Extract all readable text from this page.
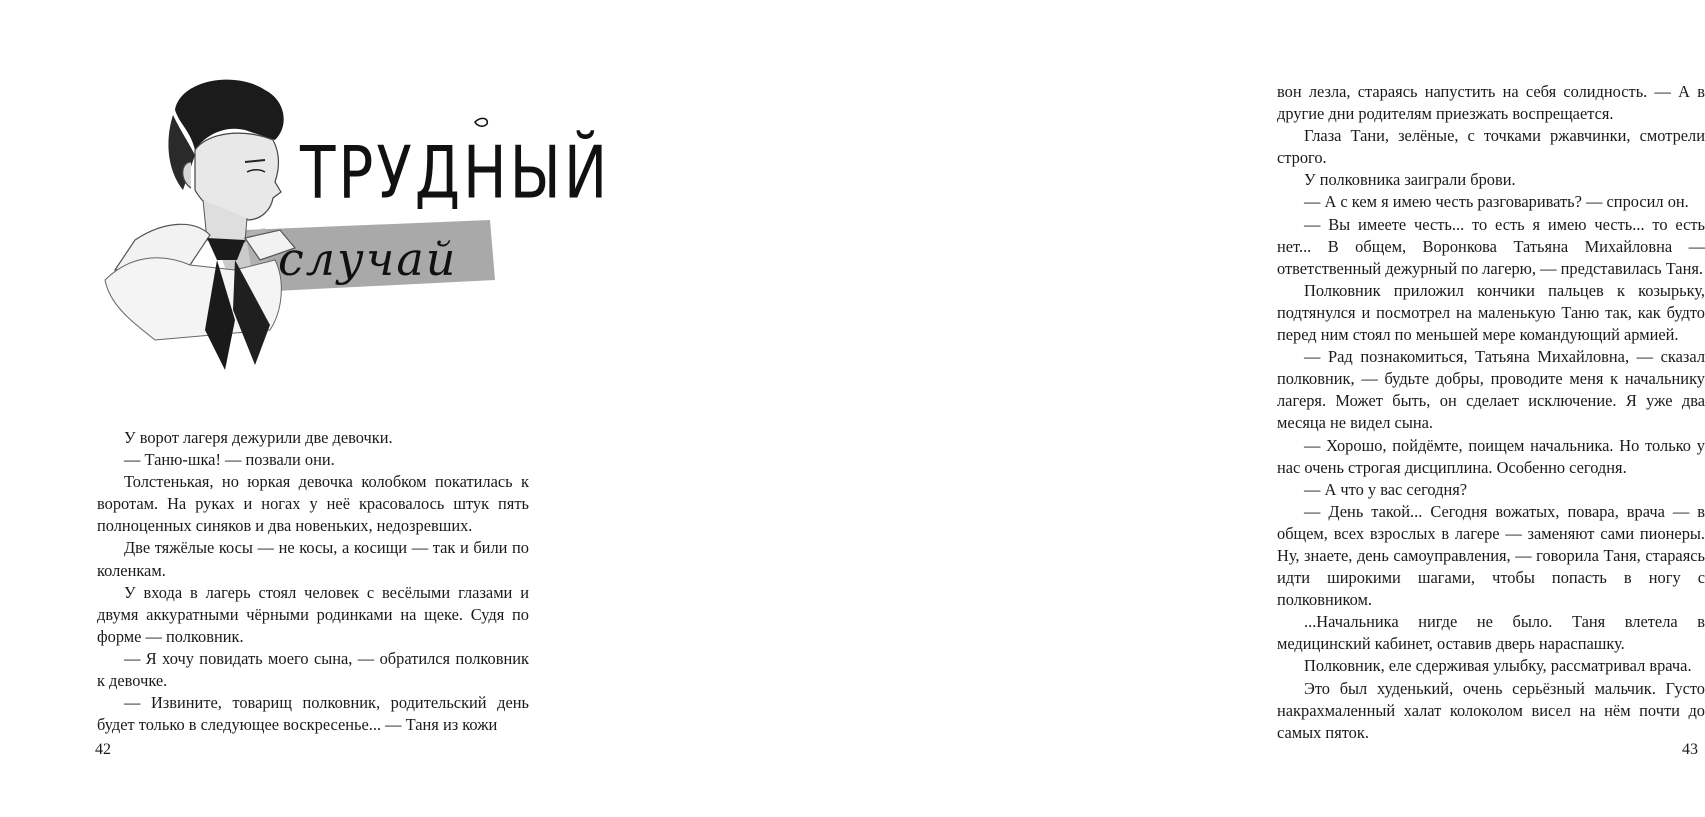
ТРУДНЫЙ
случай

У ворот лагеря дежурили две девочки.

— Таню-шка! — позвали они.

Толстенькая, но юркая девочка колобком покатилась к воротам. На руках и ногах у неё красовалось штук пять полноценных синяков и два новеньких, недозревших.

Две тяжёлые косы — не косы, а косищи — так и били по коленкам.

У входа в лагерь стоял человек с весёлыми глазами и двумя аккуратными чёрными родинками на щеке. Судя по форме — полковник.

— Я хочу повидать моего сына, — обратился полковник к девочке.

— Извините, товарищ полковник, родительский день будет только в следующее воскресенье... — Таня из кожи

42

вон лезла, стараясь напустить на себя солидность. — А в другие дни родителям приезжать воспрещается.

Глаза Тани, зелёные, с точками ржавчинки, смотрели строго.

У полковника заиграли брови.

— А с кем я имею честь разговаривать? — спросил он.

— Вы имеете честь... то есть я имею честь... то есть нет... В общем, Воронкова Татьяна Михайловна — ответственный дежурный по лагерю, — представилась Таня.

Полковник приложил кончики пальцев к козырьку, подтянулся и посмотрел на маленькую Таню так, как будто перед ним стоял по меньшей мере командующий армией.

— Рад познакомиться, Татьяна Михайловна, — сказал полковник, — будьте добры, проводите меня к начальнику лагеря. Может быть, он сделает исключение. Я уже два месяца не видел сына.

— Хорошо, пойдёмте, поищем начальника. Но только у нас очень строгая дисциплина. Особенно сегодня.

— А что у вас сегодня?

— День такой... Сегодня вожатых, повара, врача — в общем, всех взрослых в лагере — заменяют сами пионеры. Ну, знаете, день самоуправления, — говорила Таня, стараясь идти широкими шагами, чтобы попасть в ногу с полковником.

...Начальника нигде не было. Таня влетела в медицинский кабинет, оставив дверь нараспашку.

Полковник, еле сдерживая улыбку, рассматривал врача.

Это был худенький, очень серьёзный мальчик. Густо накрахмаленный халат колоколом висел на нём почти до самых пяток.

43
